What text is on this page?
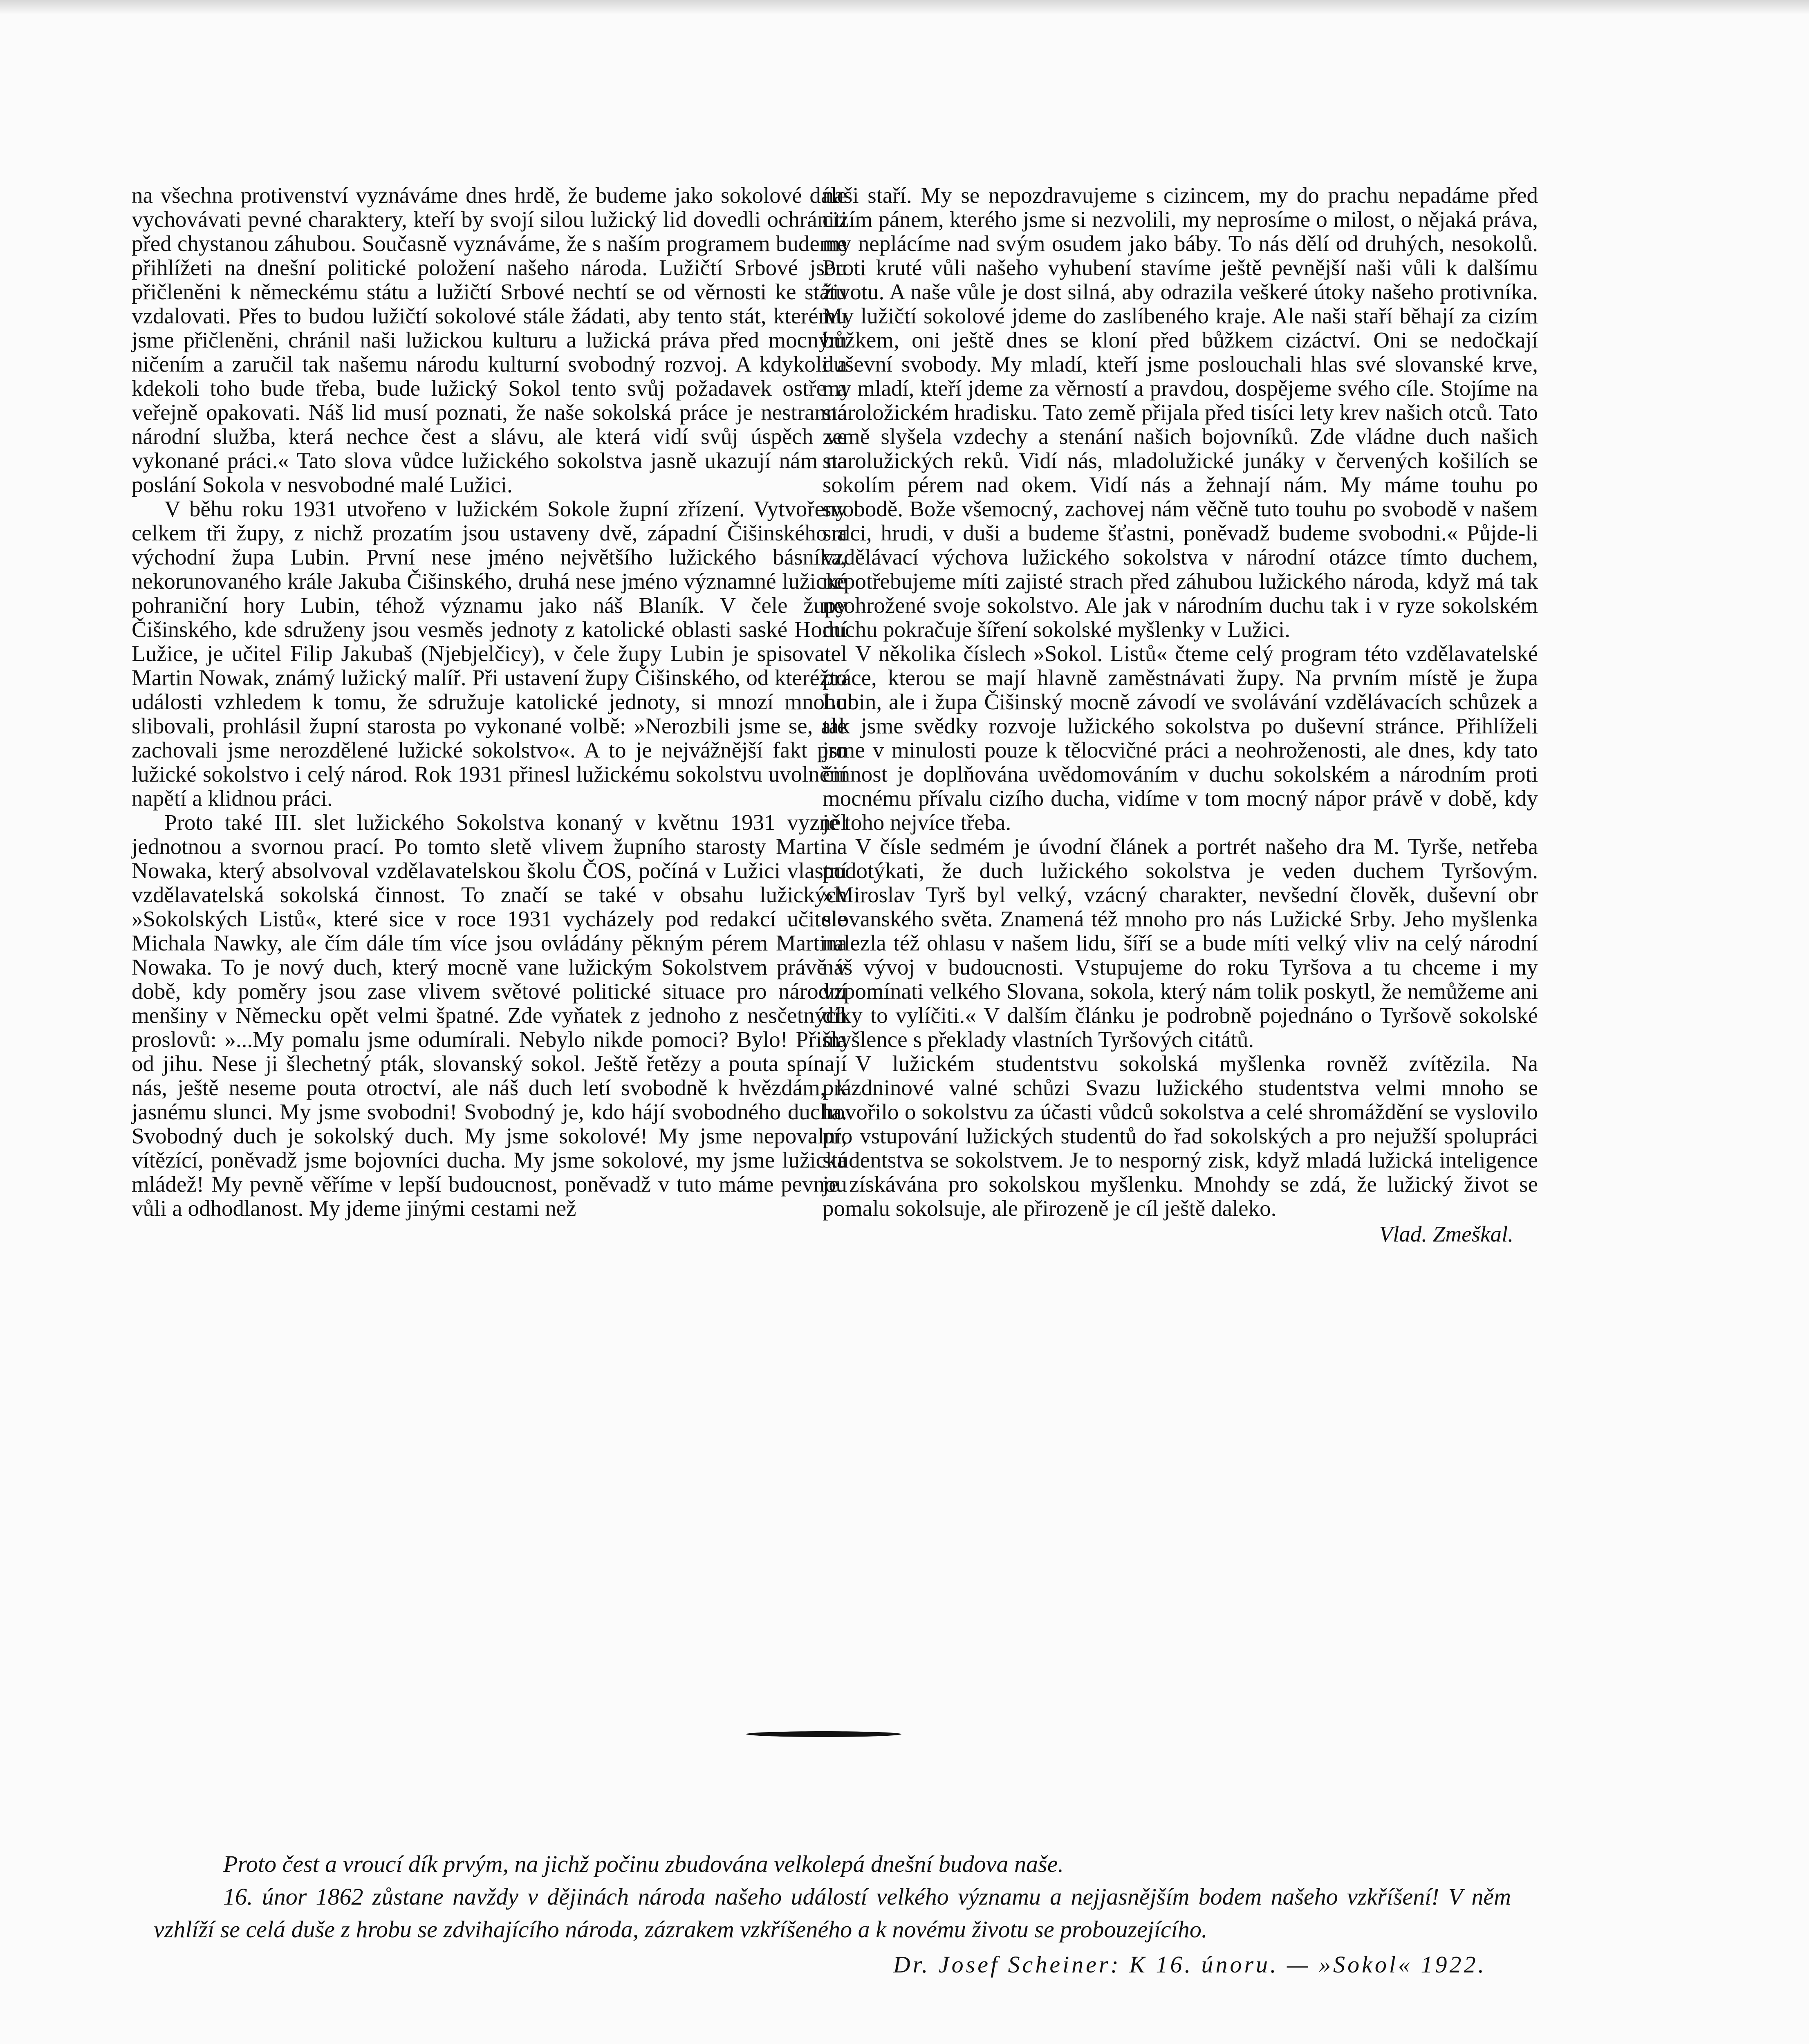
na všechna protivenství vyznáváme dnes hrdě, že budeme jako sokolové dále vychovávati pevné charaktery, kteří by svojí silou lužický lid dovedli ochrániti před chystanou záhubou. Současně vyznáváme, že s naším programem budeme přihlížeti na dnešní politické položení našeho národa. Lužičtí Srbové jsou přičleněni k německému státu a lužičtí Srbové nechtí se od věrnosti ke státu vzdalovati. Přes to budou lužičtí sokolové stále žádati, aby tento stát, kterému jsme přičleněni, chránil naši lužickou kulturu a lužická práva před mocným ničením a zaručil tak našemu národu kulturní svobodný rozvoj. A kdykoli a kdekoli toho bude třeba, bude lužický Sokol tento svůj požadavek ostře a veřejně opakovati. Náš lid musí poznati, že naše sokolská práce je nestranná národní služba, která nechce čest a slávu, ale která vidí svůj úspěch ve vykonané práci.« Tato slova vůdce lužického sokolstva jasně ukazují nám na poslání Sokola v nesvobodné malé Lužici.

V běhu roku 1931 utvořeno v lužickém Sokole župní zřízení. Vytvořeny celkem tři župy, z nichž prozatím jsou ustaveny dvě, západní Čišinského a východní župa Lubin. První nese jméno největšího lužického básníka, nekorunovaného krále Jakuba Čišinského, druhá nese jméno významné lužické pohraniční hory Lubin, téhož významu jako náš Blaník. V čele župy Čišinského, kde sdruženy jsou vesměs jednoty z katolické oblasti saské Horní Lužice, je učitel Filip Jakubaš (Njebjelčicy), v čele župy Lubin je spisovatel Martin Nowak, známý lužický malíř. Při ustavení župy Čišinského, od kteréžto události vzhledem k tomu, že sdružuje katolické jednoty, si mnozí mnoho slibovali, prohlásil župní starosta po vykonané volbě: »Nerozbili jsme se, ale zachovali jsme nerozdělené lužické sokolstvo«. A to je nejvážnější fakt pro lužické sokolstvo i celý národ. Rok 1931 přinesl lužickému sokolstvu uvolnění napětí a klidnou práci.

Proto také III. slet lužického Sokolstva konaný v květnu 1931 vyzněl jednotnou a svornou prací. Po tomto sletě vlivem župního starosty Martina Nowaka, který absolvoval vzdělavatelskou školu ČOS, počíná v Lužici vlastní vzdělavatelská sokolská činnost. To značí se také v obsahu lužických »Sokolských Listů«, které sice v roce 1931 vycházely pod redakcí učitele Michala Nawky, ale čím dále tím více jsou ovládány pěkným pérem Martina Nowaka. To je nový duch, který mocně vane lužickým Sokolstvem právě v době, kdy poměry jsou zase vlivem světové politické situace pro národní menšiny v Německu opět velmi špatné. Zde vyňatek z jednoho z nesčetných proslovů: »...My pomalu jsme odumírali. Nebylo nikde pomoci? Bylo! Přišla od jihu. Nese ji šlechetný pták, slovanský sokol. Ještě řetězy a pouta spínají nás, ještě neseme pouta otroctví, ale náš duch letí svobodně k hvězdám, k jasnému slunci. My jsme svobodni! Svobodný je, kdo hájí svobodného ducha. Svobodný duch je sokolský duch. My jsme sokolové! My jsme nepovalní, vítězící, poněvadž jsme bojovníci ducha. My jsme sokolové, my jsme lužická mládež! My pevně věříme v lepší budoucnost, poněvadž v tuto máme pevnou vůli a odhodlanost. My jdeme jinými cestami než

naši staří. My se nepozdravujeme s cizincem, my do prachu nepadáme před cizím pánem, kterého jsme si nezvolili, my neprosíme o milost, o nějaká práva, my neplácíme nad svým osudem jako báby. To nás dělí od druhých, nesokolů. Proti kruté vůli našeho vyhubení stavíme ještě pevnější naši vůli k dalšímu životu. A naše vůle je dost silná, aby odrazila veškeré útoky našeho protivníka. My lužičtí sokolové jdeme do zaslíbeného kraje. Ale naši staří běhají za cizím bůžkem, oni ještě dnes se kloní před bůžkem cizáctví. Oni se nedočkají duševní svobody. My mladí, kteří jsme poslouchali hlas své slovanské krve, my mladí, kteří jdeme za věrností a pravdou, dospějeme svého cíle. Stojíme na staroložickém hradisku. Tato země přijala před tisíci lety krev našich otců. Tato země slyšela vzdechy a stenání našich bojovníků. Zde vládne duch našich starolužických reků. Vidí nás, mladolužické junáky v červených košilích se sokolím pérem nad okem. Vidí nás a žehnají nám. My máme touhu po svobodě. Bože všemocný, zachovej nám věčně tuto touhu po svobodě v našem srdci, hrudi, v duši a budeme šťastni, poněvadž budeme svobodni.« Půjde-li vzdělávací výchova lužického sokolstva v národní otázce tímto duchem, nepotřebujeme míti zajisté strach před záhubou lužického národa, když má tak neohrožené svoje sokolstvo. Ale jak v národním duchu tak i v ryze sokolském duchu pokračuje šíření sokolské myšlenky v Lužici.

V několika číslech »Sokol. Listů« čteme celý program této vzdělavatelské práce, kterou se mají hlavně zaměstnávati župy. Na prvním místě je župa Lubin, ale i župa Čišinský mocně závodí ve svolávání vzdělávacích schůzek a tak jsme svědky rozvoje lužického sokolstva po duševní stránce. Přihlíželi jsme v minulosti pouze k tělocvičné práci a neohroženosti, ale dnes, kdy tato činnost je doplňována uvědomováním v duchu sokolském a národním proti mocnému přívalu cizího ducha, vidíme v tom mocný nápor právě v době, kdy je toho nejvíce třeba.

V čísle sedmém je úvodní článek a portrét našeho dra M. Tyrše, netřeba podotýkati, že duch lužického sokolstva je veden duchem Tyršovým. »Miroslav Tyrš byl velký, vzácný charakter, nevšední člověk, duševní obr slovanského světa. Znamená též mnoho pro nás Lužické Srby. Jeho myšlenka nalezla též ohlasu v našem lidu, šíří se a bude míti velký vliv na celý národní náš vývoj v budoucnosti. Vstupujeme do roku Tyršova a tu chceme i my vzpomínati velkého Slovana, sokola, který nám tolik poskytl, že nemůžeme ani díky to vylíčiti.« V dalším článku je podrobně pojednáno o Tyršově sokolské myšlence s překlady vlastních Tyršových citátů.

V lužickém studentstvu sokolská myšlenka rovněž zvítězila. Na prázdninové valné schůzi Svazu lužického studentstva velmi mnoho se hovořilo o sokolstvu za účasti vůdců sokolstva a celé shromáždění se vyslovilo pro vstupování lužických studentů do řad sokolských a pro nejužší spolupráci studentstva se sokolstvem. Je to nesporný zisk, když mladá lužická inteligence je získávána pro sokolskou myšlenku. Mnohdy se zdá, že lužický život se pomalu sokolsuje, ale přirozeně je cíl ještě daleko.

Vlad. Zmeškal.

Proto čest a vroucí dík prvým, na jichž počinu zbudována velkolepá dnešní budova naše.

16. únor 1862 zůstane navždy v dějinách národa našeho událostí velkého významu a nejjasnějším bodem našeho vzkříšení! V něm vzhlíží se celá duše z hrobu se zdvihajícího národa, zázrakem vzkříšeného a k novému životu se probouzejícího.

Dr. Josef Scheiner: K 16. únoru. — »Sokol« 1922.
